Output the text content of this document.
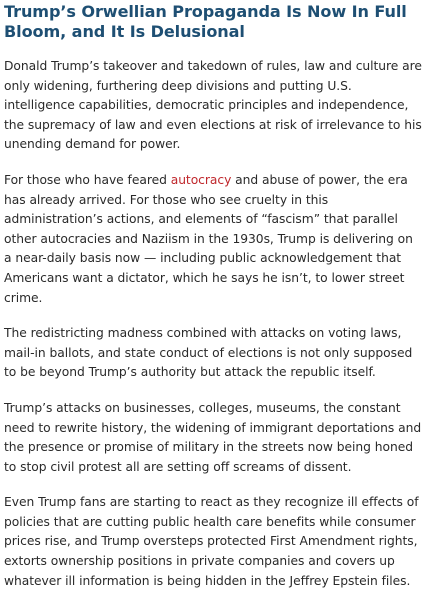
Trump’s Orwellian Propaganda Is Now In Full Bloom, and It Is Delusional

Donald Trump’s takeover and takedown of rules, law and culture are only widening, furthering deep divisions and putting U.S. intelligence capabilities, democratic principles and independence, the supremacy of law and even elections at risk of irrelevance to his unending demand for power.

For those who have feared autocracy and abuse of power, the era has already arrived. For those who see cruelty in this administration’s actions, and elements of “fascism” that parallel other autocracies and Naziism in the 1930s, Trump is delivering on a near-daily basis now — including public acknowledgement that Americans want a dictator, which he says he isn’t, to lower street crime.

The redistricting madness combined with attacks on voting laws, mail-in ballots, and state conduct of elections is not only supposed to be beyond Trump’s authority but attack the republic itself.

Trump’s attacks on businesses, colleges, museums, the constant need to rewrite history, the widening of immigrant deportations and the presence or promise of military in the streets now being honed to stop civil protest all are setting off screams of dissent.

Even Trump fans are starting to react as they recognize ill effects of policies that are cutting public health care benefits while consumer prices rise, and Trump oversteps protected First Amendment rights, extorts ownership positions in private companies and covers up whatever ill information is being hidden in the Jeffrey Epstein files.
